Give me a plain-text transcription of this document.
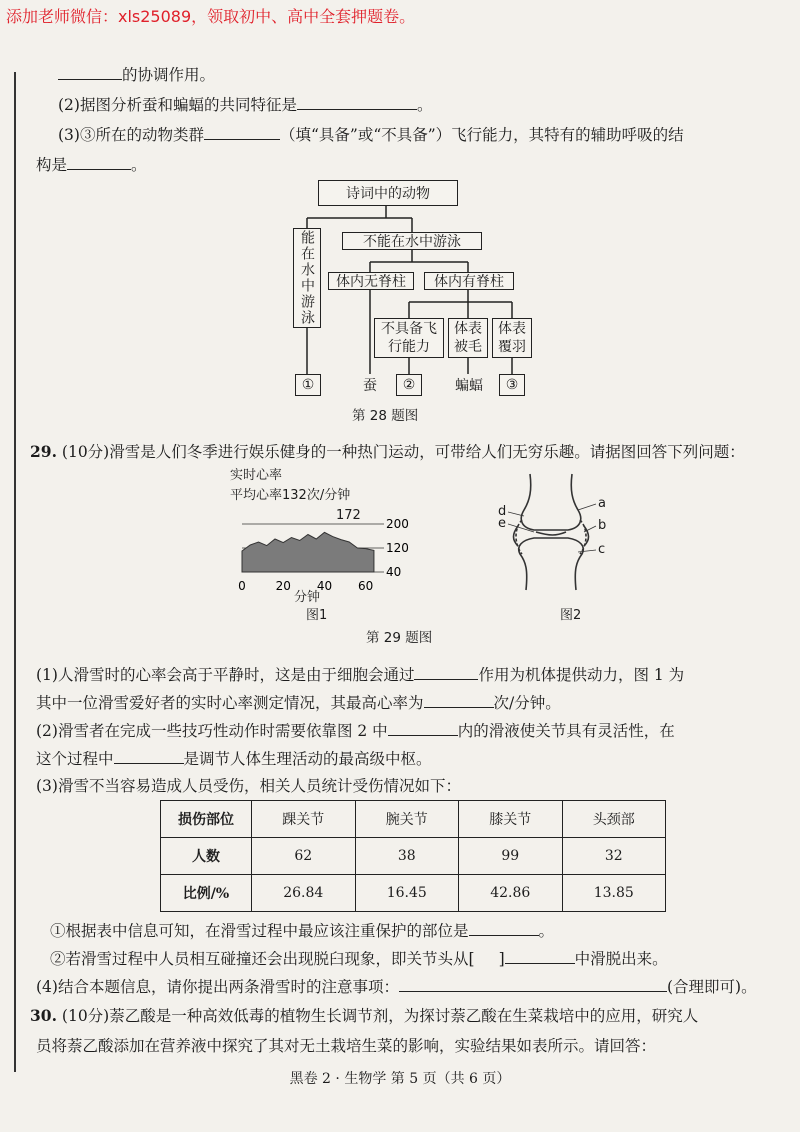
添加老师微信：xls25089，领取初中、高中全套押题卷。
的协调作用。
(2)据图分析蚕和蝙蝠的共同特征是	。
(3)③所在的动物类群	（填“具备”或“不具备”）飞行能力，其特有的辅助呼吸的结
构是	。
诗词中的动物
能在水中游泳	不能在水中游泳
体内无脊柱	体内有脊柱
不具备飞行能力
体表被毛
体表覆羽
①	蚕	②	蝙蝠	③
第 28 题图
29. (10分)滑雪是人们冬季进行娱乐健身的一种热门运动，可带给人们无穷乐趣。请据图回答下列问题：
实时心率
平均心率132次/分钟
200
120
40
0 20 40 60
172
分钟
图1
a
b
c
d
e
图2
第 29 题图
(1)人滑雪时的心率会高于平静时，这是由于细胞会通过	作用为机体提供动力，图 1 为
其中一位滑雪爱好者的实时心率测定情况，其最高心率为	次/分钟。
(2)滑雪者在完成一些技巧性动作时需要依靠图 2 中	内的滑液使关节具有灵活性，在
这个过程中	是调节人体生理活动的最高级中枢。
(3)滑雪不当容易造成人员受伤，相关人员统计受伤情况如下：
损伤部位	踝关节	腕关节	膝关节	头颈部
人数	62	38	99	32
比例/%	26.84	16.45	42.86	13.85
①根据表中信息可知，在滑雪过程中最应该注重保护的部位是	。
②若滑雪过程中人员相互碰撞还会出现脱臼现象，即关节头从[ ]	中滑脱出来。
(4)结合本题信息，请你提出两条滑雪时的注意事项：	(合理即可)。
30. (10分)萘乙酸是一种高效低毒的植物生长调节剂，为探讨萘乙酸在生菜栽培中的应用，研究人
员将萘乙酸添加在营养液中探究了其对无土栽培生菜的影响，实验结果如表所示。请回答：
黑卷 2 · 生物学 第 5 页（共 6 页）
